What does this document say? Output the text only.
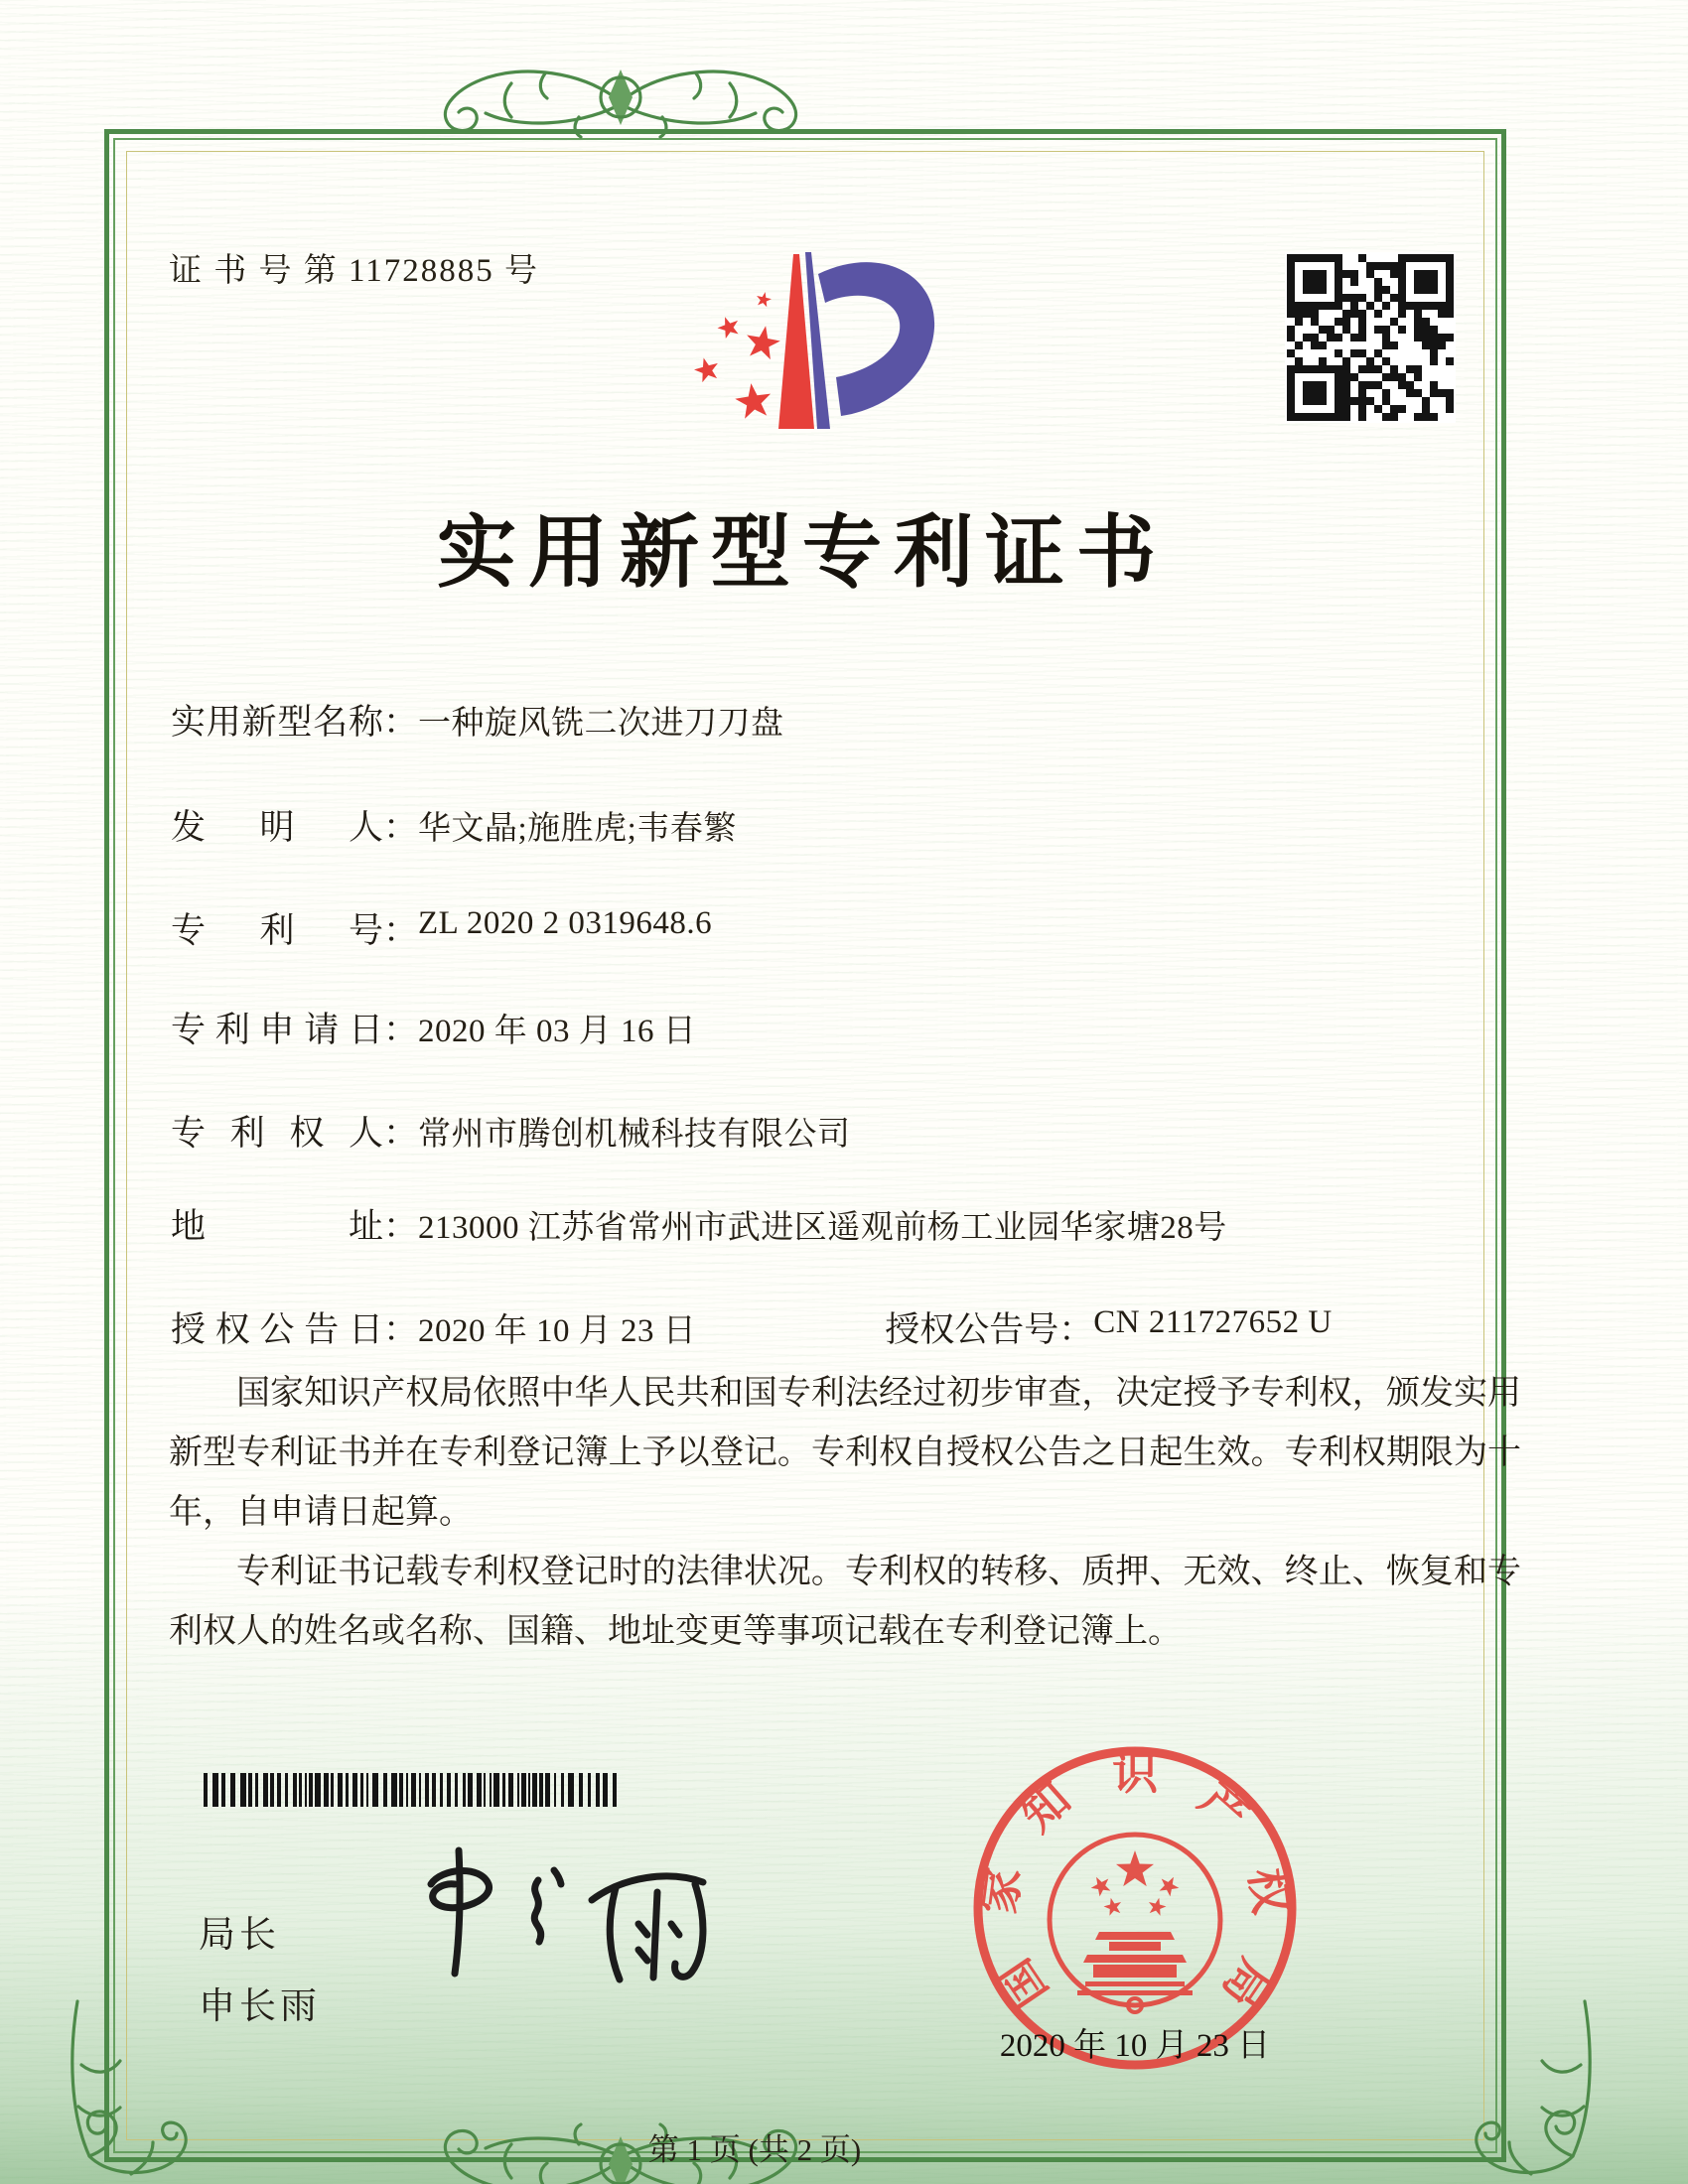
证 书 号 第 11728885 号
实用新型专利证书
实用新型名称：一种旋风铣二次进刀刀盘
发明人：华文晶;施胜虎;韦春繁
专利号：ZL 2020 2 0319648.6
专利申请日：2020 年 03 月 16 日
专利权人：常州市腾创机械科技有限公司
地址：213000 江苏省常州市武进区遥观前杨工业园华家塘28号
授权公告日：2020 年 10 月 23 日	授权公告号：CN 211727652 U

国家知识产权局依照中华人民共和国专利法经过初步审查，决定授予专利权，颁发实用新型专利证书并在专利登记簿上予以登记。专利权自授权公告之日起生效。专利权期限为十年，自申请日起算。

专利证书记载专利权登记时的法律状况。专利权的转移、质押、无效、终止、恢复和专利权人的姓名或名称、国籍、地址变更等事项记载在专利登记簿上。

局长
申长雨	国家知识产权局
2020 年 10 月 23 日
第 1 页 (共 2 页)
